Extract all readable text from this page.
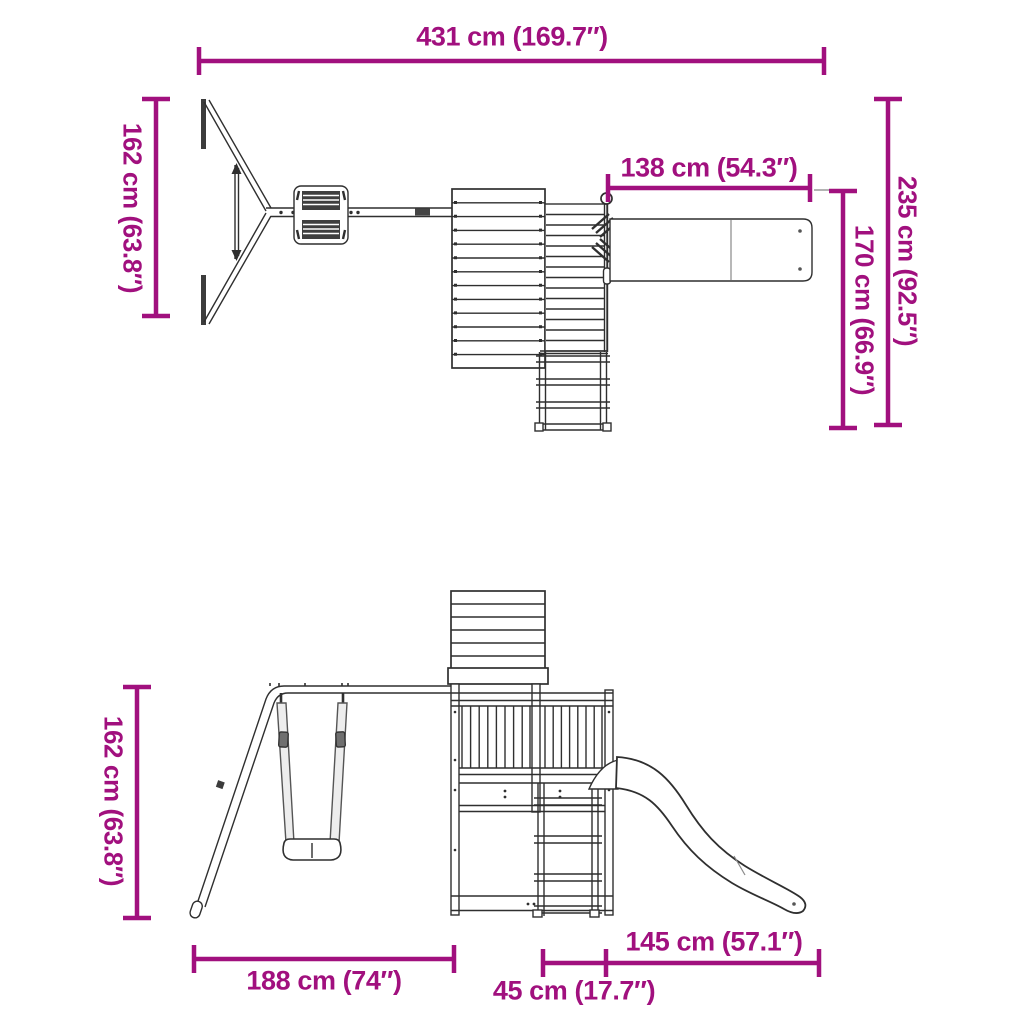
431 cm (169.7″)
162 cm (63.8″)	138 cm (54.3″)
235 cm (92.5″)
170 cm (66.9″)
162 cm (63.8″)
188 cm (74″)	45 cm (17.7″)
145 cm (57.1″)
